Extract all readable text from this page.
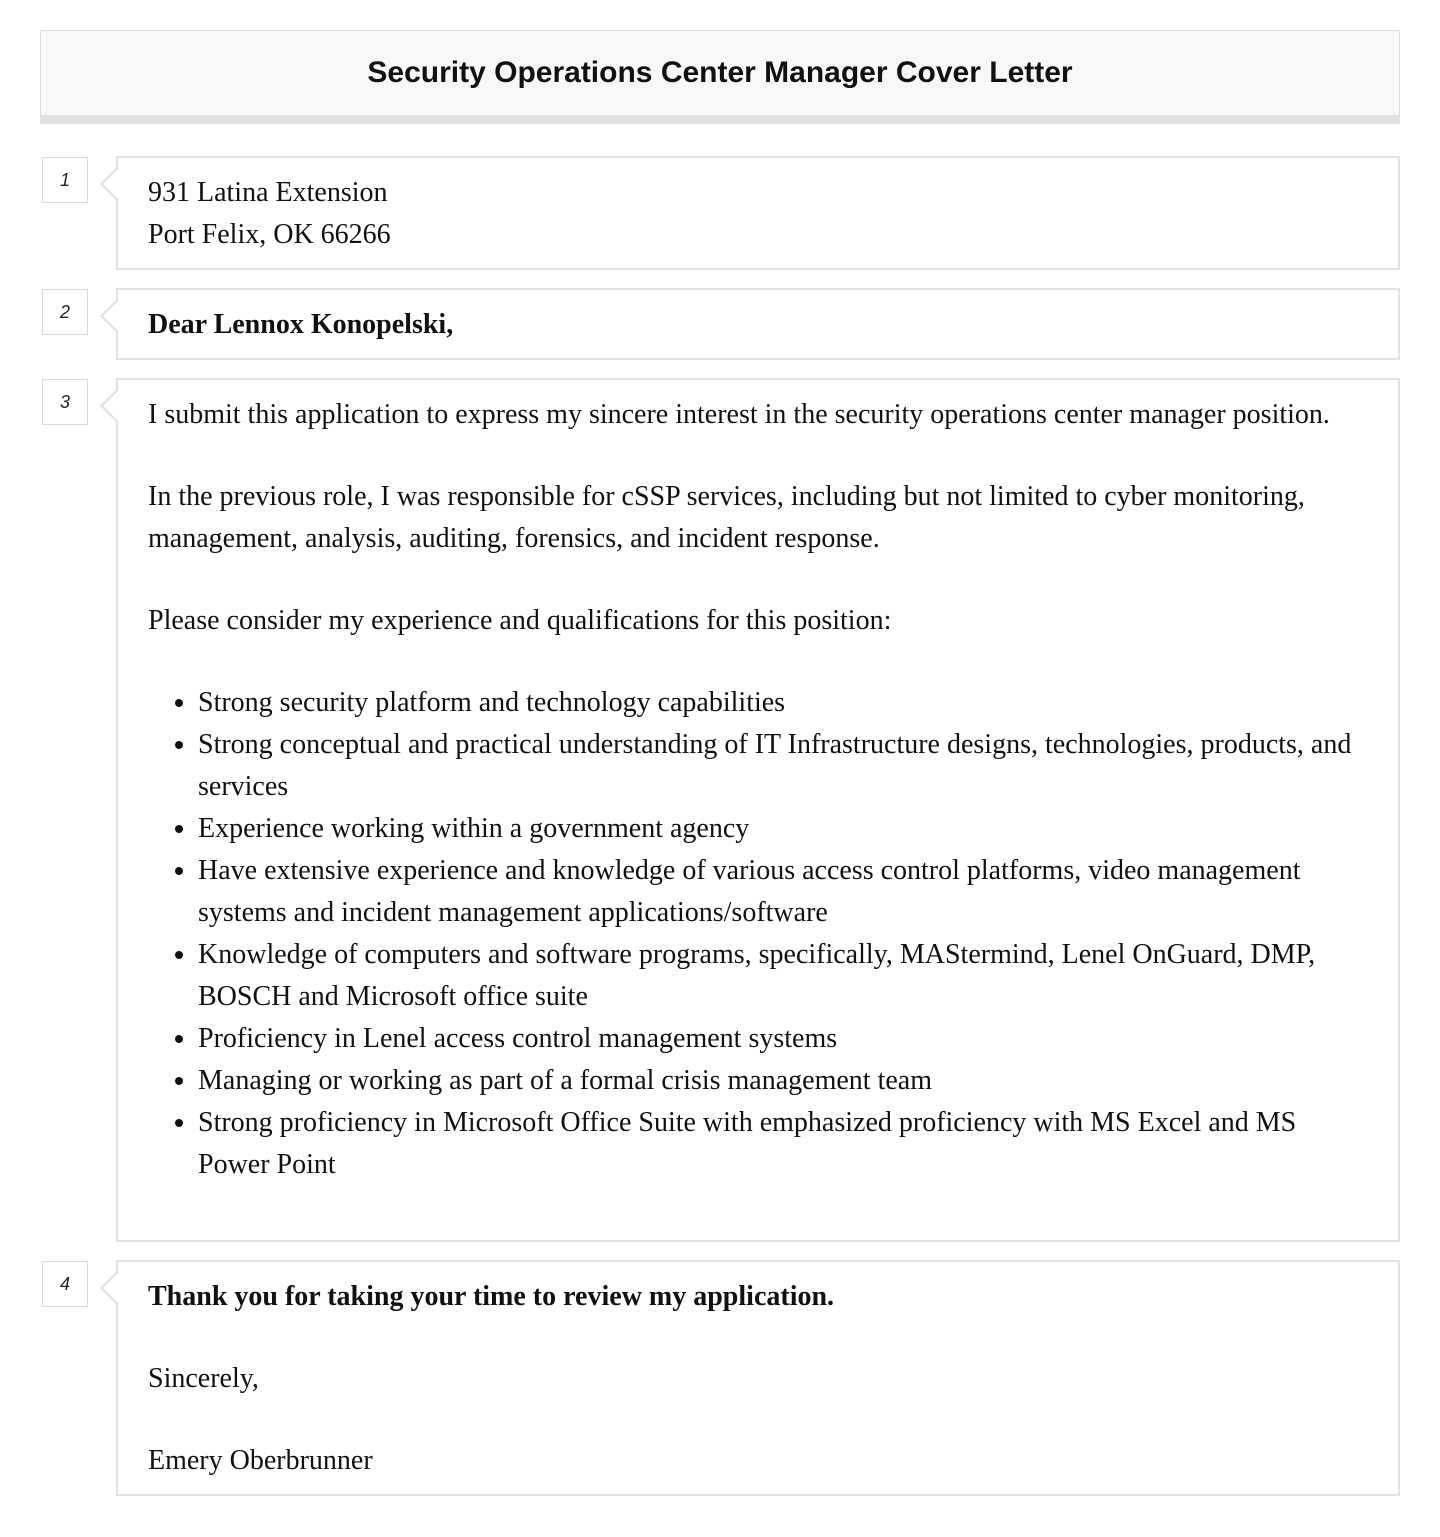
Security Operations Center Manager Cover Letter
1	931 Latina Extension

Port Felix, OK 66266

2	Dear Lennox Konopelski,

3	I submit this application to express my sincere interest in the security operations center manager position.

In the previous role, I was responsible for cSSP services, including but not limited to cyber monitoring, management, analysis, auditing, forensics, and incident response.

Please consider my experience and qualifications for this position:

• Strong security platform and technology capabilities
• Strong conceptual and practical understanding of IT Infrastructure designs, technologies, products, and services
• Experience working within a government agency
• Have extensive experience and knowledge of various access control platforms, video management systems and incident management applications/software
• Knowledge of computers and software programs, specifically, MAStermind, Lenel OnGuard, DMP, BOSCH and Microsoft office suite
• Proficiency in Lenel access control management systems
• Managing or working as part of a formal crisis management team
• Strong proficiency in Microsoft Office Suite with emphasized proficiency with MS Excel and MS Power Point
4	Thank you for taking your time to review my application.

Sincerely,

Emery Oberbrunner
